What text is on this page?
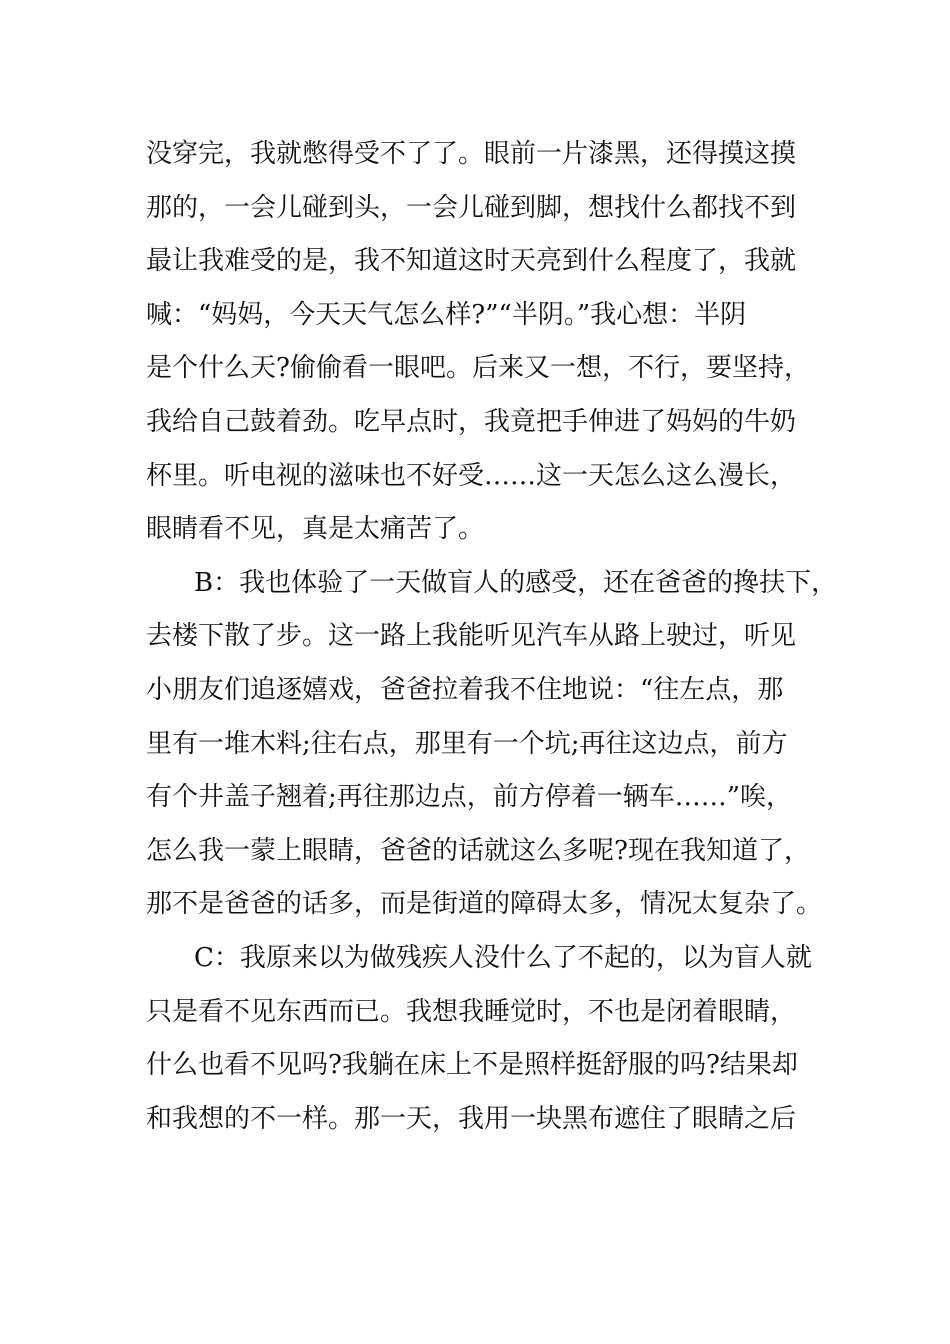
没穿完，我就憋得受不了了。眼前一片漆黑，还得摸这摸
那的，一会儿碰到头，一会儿碰到脚，想找什么都找不到
最让我难受的是，我不知道这时天亮到什么程度了，我就
喊：“妈妈，今天天气怎么样?”“半阴。”我心想：半阴
是个什么天?偷偷看一眼吧。后来又一想，不行，要坚持，
我给自己鼓着劲。吃早点时，我竟把手伸进了妈妈的牛奶
杯里。听电视的滋味也不好受……这一天怎么这么漫长，
眼睛看不见，真是太痛苦了。
B：我也体验了一天做盲人的感受，还在爸爸的搀扶下，
去楼下散了步。这一路上我能听见汽车从路上驶过，听见
小朋友们追逐嬉戏，爸爸拉着我不住地说：“往左点，那
里有一堆木料;往右点，那里有一个坑;再往这边点，前方
有个井盖子翘着;再往那边点，前方停着一辆车……”唉，
怎么我一蒙上眼睛，爸爸的话就这么多呢?现在我知道了，
那不是爸爸的话多，而是街道的障碍太多，情况太复杂了。
C：我原来以为做残疾人没什么了不起的，以为盲人就
只是看不见东西而已。我想我睡觉时，不也是闭着眼睛，
什么也看不见吗?我躺在床上不是照样挺舒服的吗?结果却
和我想的不一样。那一天，我用一块黑布遮住了眼睛之后
